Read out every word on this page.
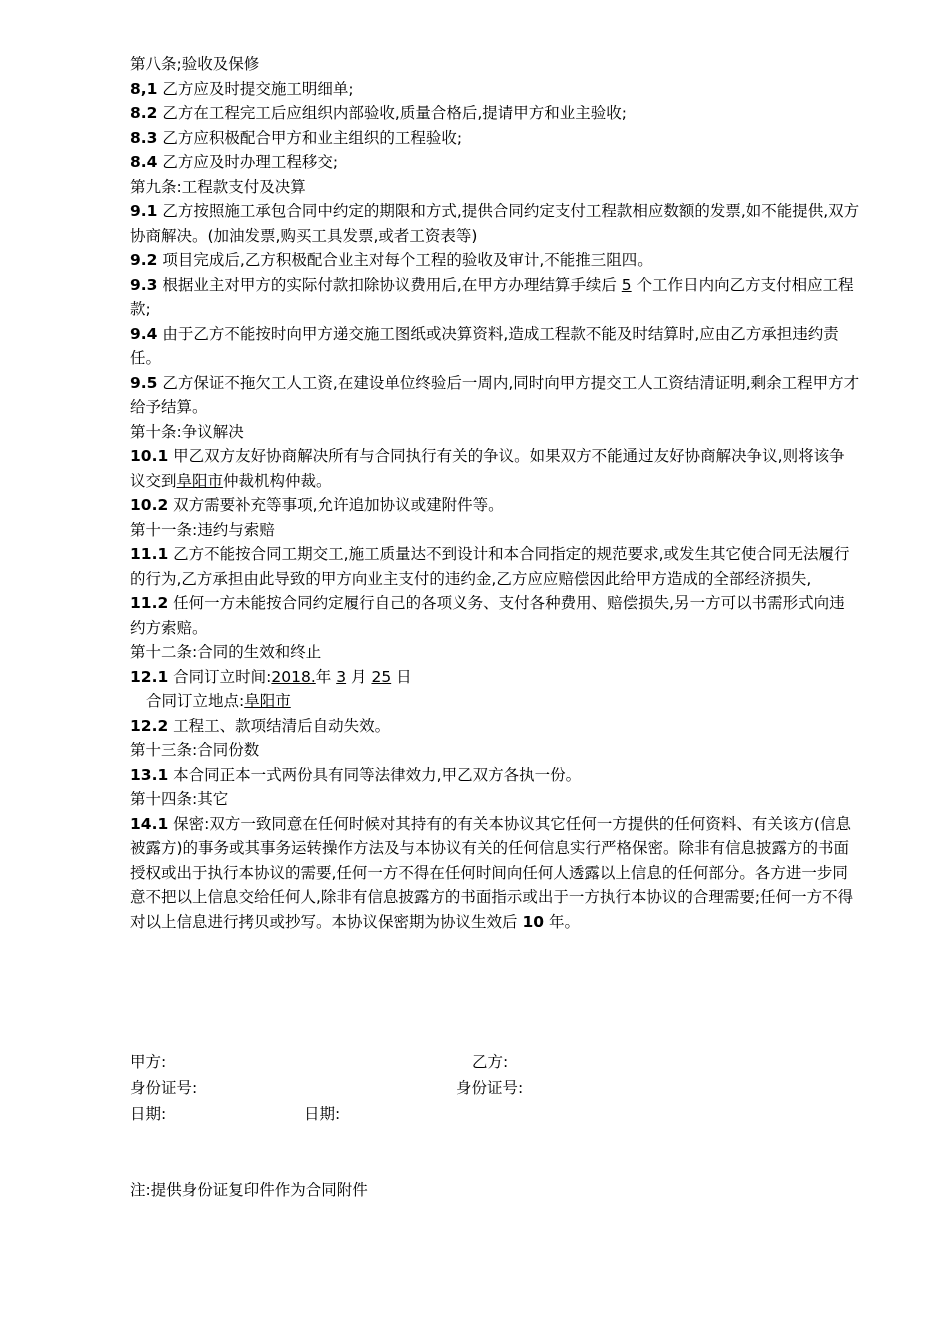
第八条;验收及保修

8,1 乙方应及时提交施工明细单;

8.2 乙方在工程完工后应组织内部验收,质量合格后,提请甲方和业主验收;

8.3 乙方应积极配合甲方和业主组织的工程验收;

8.4 乙方应及时办理工程移交;

第九条:工程款支付及决算

9.1 乙方按照施工承包合同中约定的期限和方式,提供合同约定支付工程款相应数额的发票,如不能提供,双方协商解决。(加油发票,购买工具发票,或者工资表等)

9.2 项目完成后,乙方积极配合业主对每个工程的验收及审计,不能推三阻四。

9.3 根据业主对甲方的实际付款扣除协议费用后,在甲方办理结算手续后 5 个工作日内向乙方支付相应工程款;

9.4 由于乙方不能按时向甲方递交施工图纸或决算资料,造成工程款不能及时结算时,应由乙方承担违约责任。

9.5 乙方保证不拖欠工人工资,在建设单位终验后一周内,同时向甲方提交工人工资结清证明,剩余工程甲方才给予结算。

第十条:争议解决

10.1 甲乙双方友好协商解决所有与合同执行有关的争议。如果双方不能通过友好协商解决争议,则将该争议交到阜阳市仲裁机构仲裁。

10.2 双方需要补充等事项,允许追加协议或建附件等。

第十一条:违约与索赔

11.1 乙方不能按合同工期交工,施工质量达不到设计和本合同指定的规范要求,或发生其它使合同无法履行的行为,乙方承担由此导致的甲方向业主支付的违约金,乙方应应赔偿因此给甲方造成的全部经济损失,

11.2 任何一方未能按合同约定履行自己的各项义务、支付各种费用、赔偿损失,另一方可以书需形式向违约方索赔。

第十二条:合同的生效和终止

12.1 合同订立时间:2018.年 3 月 25 日

合同订立地点:阜阳市

12.2 工程工、款项结清后自动失效。

第十三条:合同份数

13.1 本合同正本一式两份具有同等法律效力,甲乙双方各执一份。

第十四条:其它

14.1 保密:双方一致同意在任何时候对其持有的有关本协议其它任何一方提供的任何资料、有关该方(信息被露方)的事务或其事务运转操作方法及与本协议有关的任何信息实行严格保密。除非有信息披露方的书面授权或出于执行本协议的需要,任何一方不得在任何时间向任何人透露以上信息的任何部分。各方进一步同意不把以上信息交给任何人,除非有信息披露方的书面指示或出于一方执行本协议的合理需要;任何一方不得对以上信息进行拷贝或抄写。本协议保密期为协议生效后 10 年。

甲方:	乙方:
身份证号:	身份证号:
日期:	日期:
注:提供身份证复印件作为合同附件
